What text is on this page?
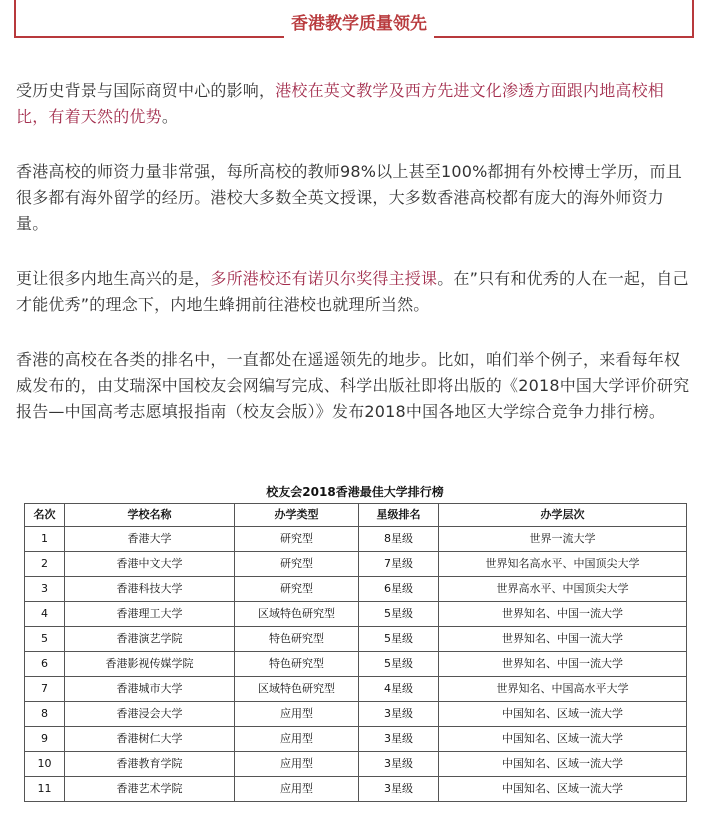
香港教学质量领先

受历史背景与国际商贸中心的影响，港校在英文教学及西方先进文化渗透方面跟内地高校相比，有着天然的优势。

香港高校的师资力量非常强，每所高校的教师98%以上甚至100%都拥有外校博士学历，而且很多都有海外留学的经历。港校大多数全英文授课，大多数香港高校都有庞大的海外师资力量。

更让很多内地生高兴的是，多所港校还有诺贝尔奖得主授课。在”只有和优秀的人在一起，自己才能优秀”的理念下，内地生蜂拥前往港校也就理所当然。

香港的高校在各类的排名中，一直都处在遥遥领先的地步。比如，咱们举个例子，来看每年权威发布的，由艾瑞深中国校友会网编写完成、科学出版社即将出版的《2018中国大学评价研究报告—中国高考志愿填报指南（校友会版）》发布2018中国各地区大学综合竞争力排行榜。

校友会2018香港最佳大学排行榜
名次	学校名称	办学类型	星级排名	办学层次
1	香港大学	研究型	8星级	世界一流大学
2	香港中文大学	研究型	7星级	世界知名高水平、中国顶尖大学
3	香港科技大学	研究型	6星级	世界高水平、中国顶尖大学
4	香港理工大学	区域特色研究型	5星级	世界知名、中国一流大学
5	香港演艺学院	特色研究型	5星级	世界知名、中国一流大学
6	香港影视传媒学院	特色研究型	5星级	世界知名、中国一流大学
7	香港城市大学	区域特色研究型	4星级	世界知名、中国高水平大学
8	香港浸会大学	应用型	3星级	中国知名、区域一流大学
9	香港树仁大学	应用型	3星级	中国知名、区域一流大学
10	香港教育学院	应用型	3星级	中国知名、区域一流大学
11	香港艺术学院	应用型	3星级	中国知名、区域一流大学
